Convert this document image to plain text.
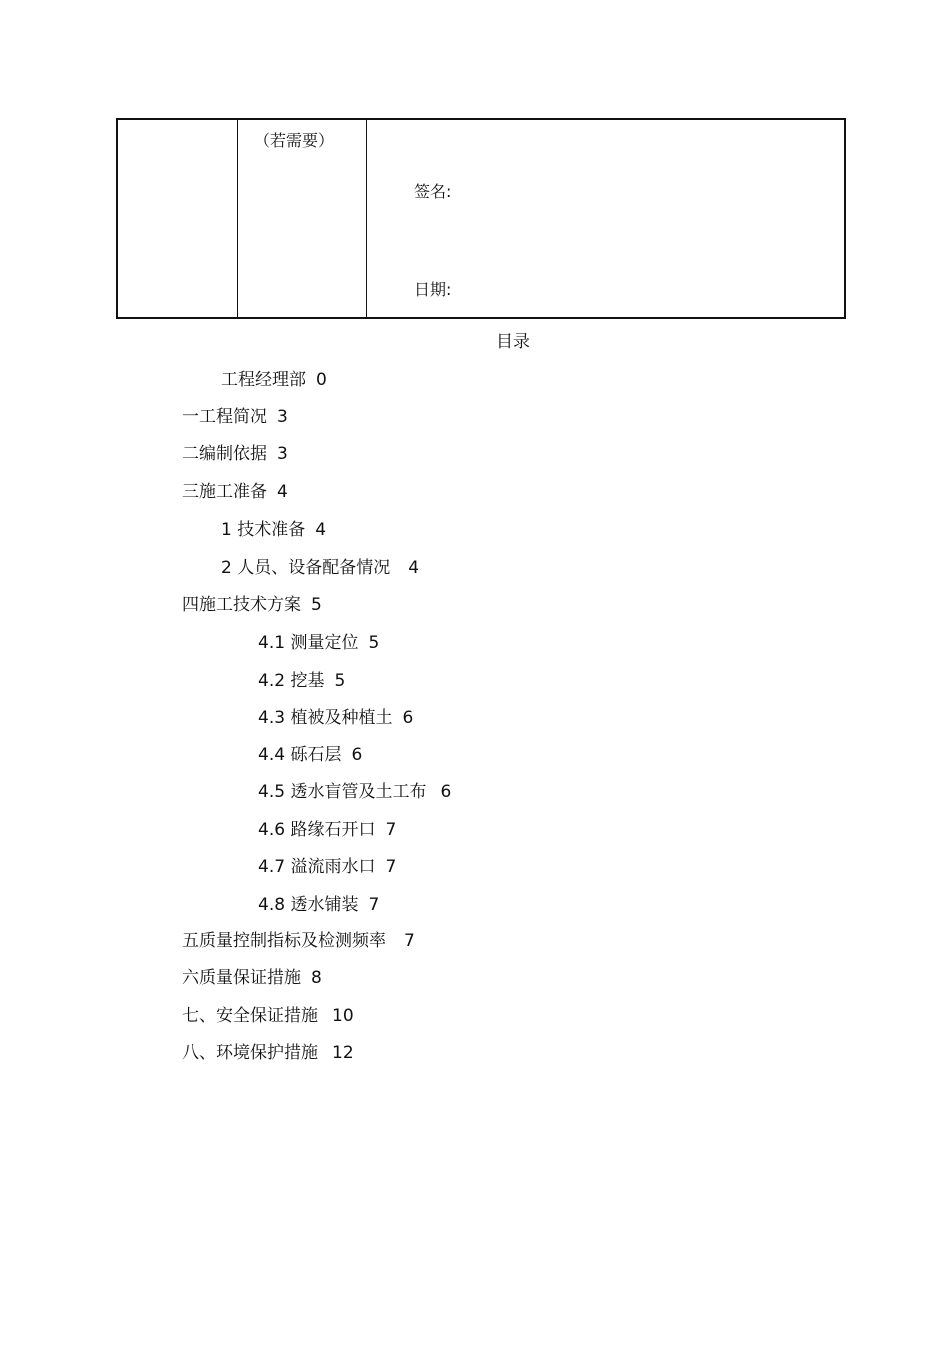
（若需要）
签名:
日期:
目录
工程经理部 0
一工程简况 3
二编制依据 3
三施工准备 4
1 技术准备 4
2 人员、设备配备情况 4
四施工技术方案 5
4.1 测量定位 5
4.2 挖基 5
4.3 植被及种植土 6
4.4 砾石层 6
4.5 透水盲管及土工布 6
4.6 路缘石开口 7
4.7 溢流雨水口 7
4.8 透水铺装 7
五质量控制指标及检测频率 7
六质量保证措施 8
七、安全保证措施 10
八、环境保护措施 12
